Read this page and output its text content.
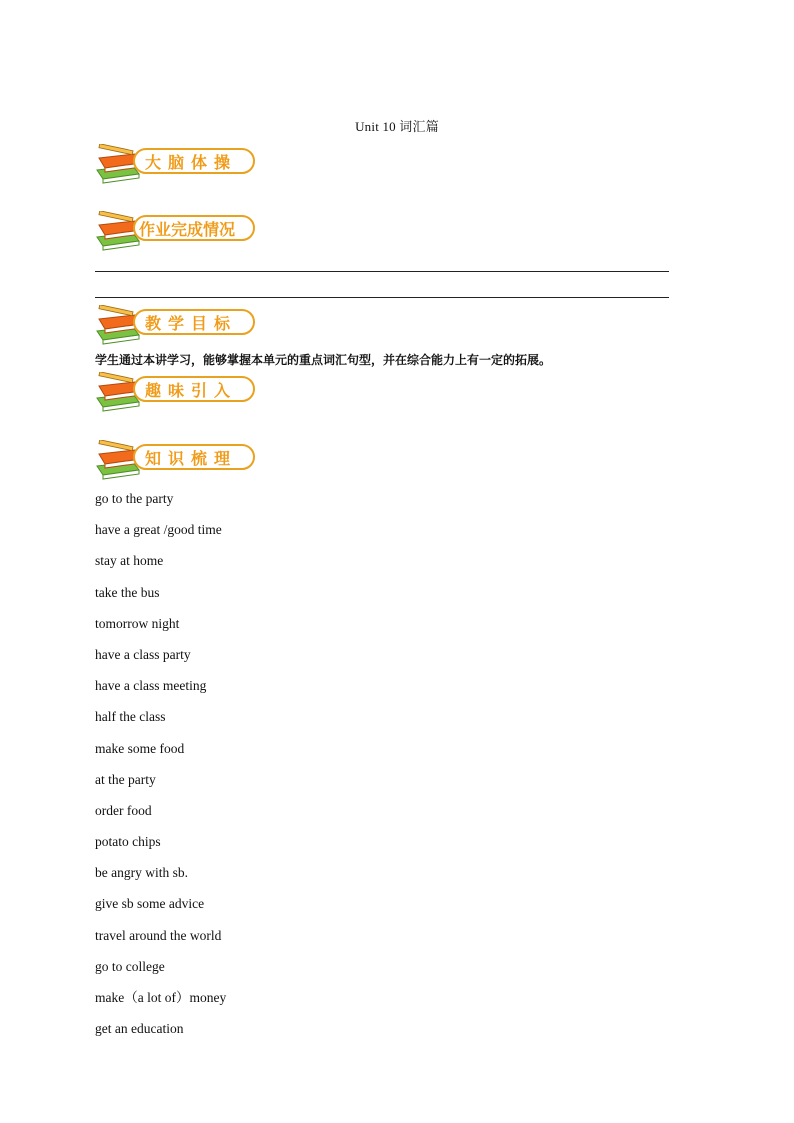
Unit 10 词汇篇
大脑体操
作业完成情况
教学目标
学生通过本讲学习，能够掌握本单元的重点词汇句型，并在综合能力上有一定的拓展。
趣味引入
知识梳理
go to the party
have a great /good time
stay at home
take the bus
tomorrow night
have a class party
have a class meeting
half the class
make some food
at the party
order food
potato chips
be angry with sb.
give sb some advice
travel around the world
go to college
make（a lot of）money
get an education
